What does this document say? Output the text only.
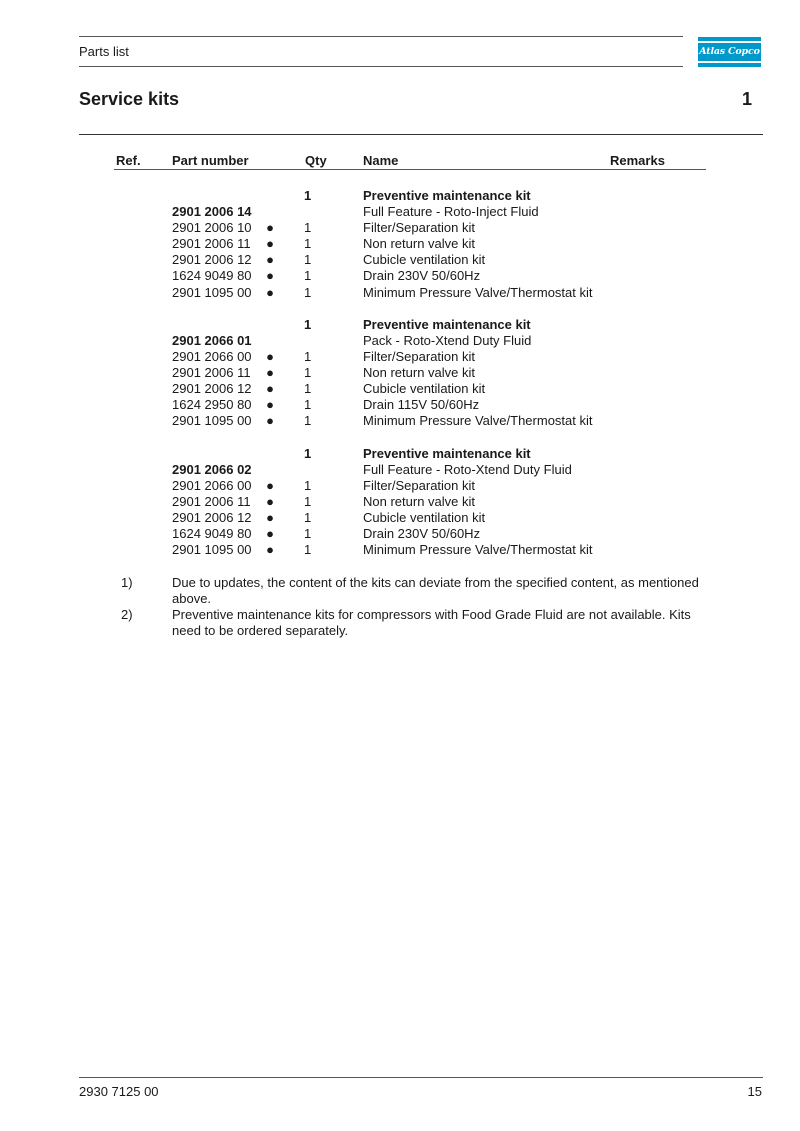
Parts list	Atlas Copco
Service kits	1
Ref. Part number	Qty	Name	Remarks
1	Preventive maintenance kit
2901 2006 14	Full Feature - Roto-Inject Fluid
2901 2006 10 ● 1	Filter/Separation kit
2901 2006 11 ● 1	Non return valve kit
2901 2006 12 ● 1	Cubicle ventilation kit
1624 9049 80 ● 1	Drain 230V 50/60Hz
2901 1095 00 ● 1	Minimum Pressure Valve/Thermostat kit
1	Preventive maintenance kit
2901 2066 01	Pack - Roto-Xtend Duty Fluid
2901 2066 00 ● 1	Filter/Separation kit
2901 2006 11 ● 1	Non return valve kit
2901 2006 12 ● 1	Cubicle ventilation kit
1624 2950 80 ● 1	Drain 115V 50/60Hz
2901 1095 00 ● 1	Minimum Pressure Valve/Thermostat kit
1	Preventive maintenance kit
2901 2066 02	Full Feature - Roto-Xtend Duty Fluid
2901 2066 00 ● 1	Filter/Separation kit
2901 2006 11 ● 1	Non return valve kit
2901 2006 12 ● 1	Cubicle ventilation kit
1624 9049 80 ● 1	Drain 230V 50/60Hz
2901 1095 00 ● 1	Minimum Pressure Valve/Thermostat kit
1)	Due to updates, the content of the kits can deviate from the specified content, as mentioned above.
2)	Preventive maintenance kits for compressors with Food Grade Fluid are not available. Kits need to be ordered separately.
2930 7125 00	15
